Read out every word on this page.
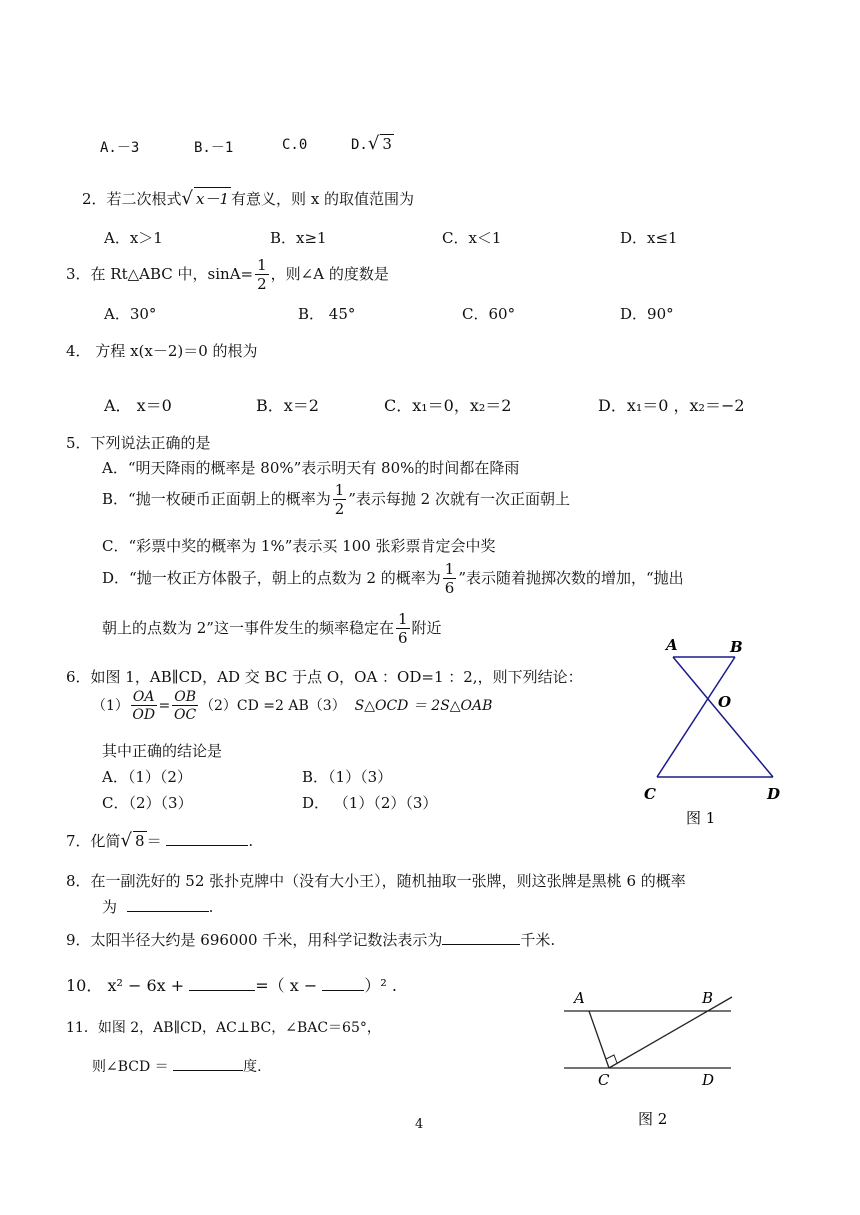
A.－3	B.－1	C.0	D.√ 3
2．若二次根式√ x－1 有意义，则 x 的取值范围为
A．x＞1	B．x≥1	C．x＜1	D．x≤1
3．在 Rt△ABC 中，$\sin A= \frac{1}{2}$ ，则∠A 的度数是
A．30°	B． 45°	C．60°	D．90°
4． 方程 x(x－2)＝0 的根为
A． x＝0	B．x＝2	C．x₁＝0，x₂＝2	D．x₁＝0 ，x₂＝−2
5．下列说法正确的是
A．“明天降雨的概率是 80%”表示明天有 80%的时间都在降雨
B．“抛一枚硬币正面朝上的概率为 $\frac{1}{2}$ ”表示每抛 2 次就有一次正面朝上
C．“彩票中奖的概率为 1%”表示买 100 张彩票肯定会中奖
D．“抛一枚正方体骰子，朝上的点数为 2 的概率为 $\frac{1}{6}$ ”表示随着抛掷次数的增加，“抛出
朝上的点数为 2”这一事件发生的频率稳定在 $\frac{1}{6}$ 附近
6．如图 1，AB∥CD，AD 交 BC 于点 O，OA ：OD=1 ：2,，则下列结论：
$(1) \frac{OA}{OD} = \frac{OB}{OC} (2)CD =2$ AB（3） S△OCD ＝ 2S△OAB
其中正确的结论是
A．（1）（2）	B．（1）（3）
C．（2）（3）	D． （1）（2）（3）
A	B
O
C	D
图 1
7．化简√ 8 ＝	.
8．在一副洗好的 52 张扑克牌中（没有大小王），随机抽取一张牌，则这张牌是黑桃 6 的概率
为	.
9．太阳半径大约是 696000 千米，用科学记数法表示为	千米.
10． x² − 6x +	=（ x −	）² .
11．如图 2，AB∥CD，AC⊥BC，∠BAC＝65°，
则∠BCD ＝	度.
A	B
C	D
图 2
4
